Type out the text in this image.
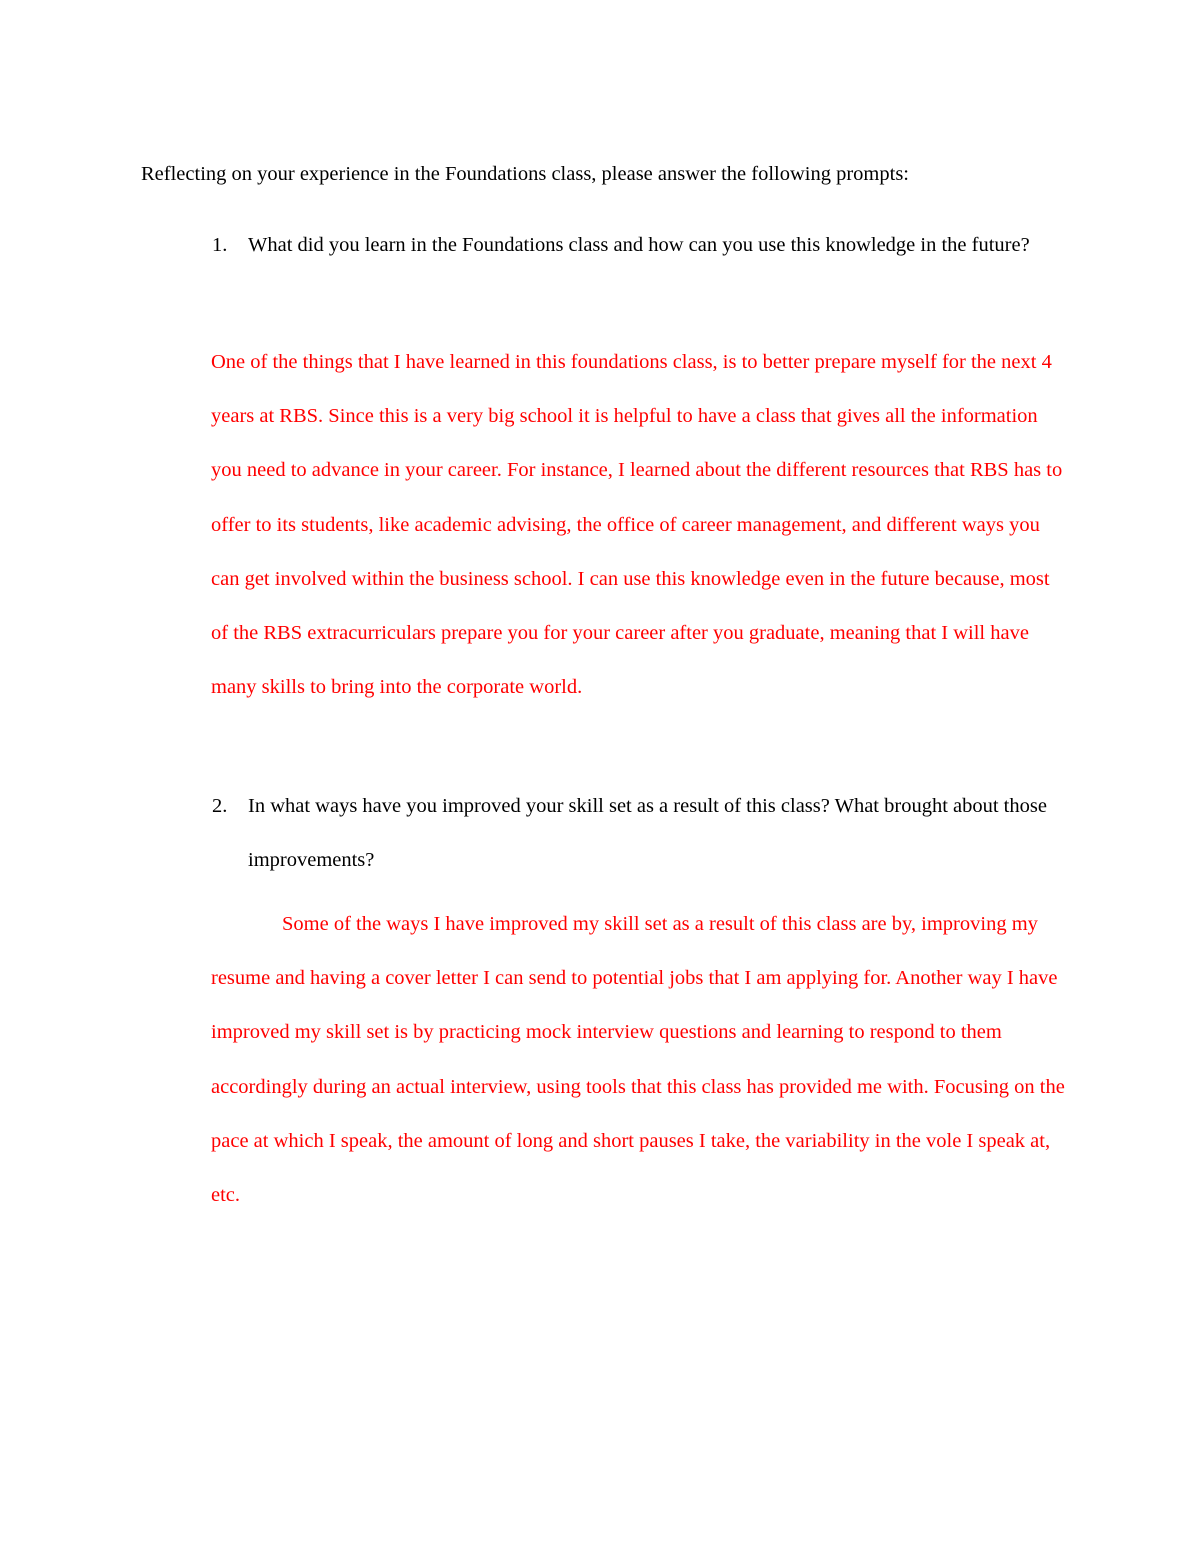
Reflecting on your experience in the Foundations class, please answer the following prompts:
1. What did you learn in the Foundations class and how can you use this knowledge in the future?

One of the things that I have learned in this foundations class, is to better prepare myself for the next 4 years at RBS. Since this is a very big school it is helpful to have a class that gives all the information you need to advance in your career. For instance, I learned about the different resources that RBS has to offer to its students, like academic advising, the office of career management, and different ways you can get involved within the business school. I can use this knowledge even in the future because, most of the RBS extracurriculars prepare you for your career after you graduate, meaning that I will have many skills to bring into the corporate world.

2. In what ways have you improved your skill set as a result of this class? What brought about those improvements?

Some of the ways I have improved my skill set as a result of this class are by, improving my resume and having a cover letter I can send to potential jobs that I am applying for. Another way I have improved my skill set is by practicing mock interview questions and learning to respond to them accordingly during an actual interview, using tools that this class has provided me with. Focusing on the pace at which I speak, the amount of long and short pauses I take, the variability in the vole I speak at, etc.
